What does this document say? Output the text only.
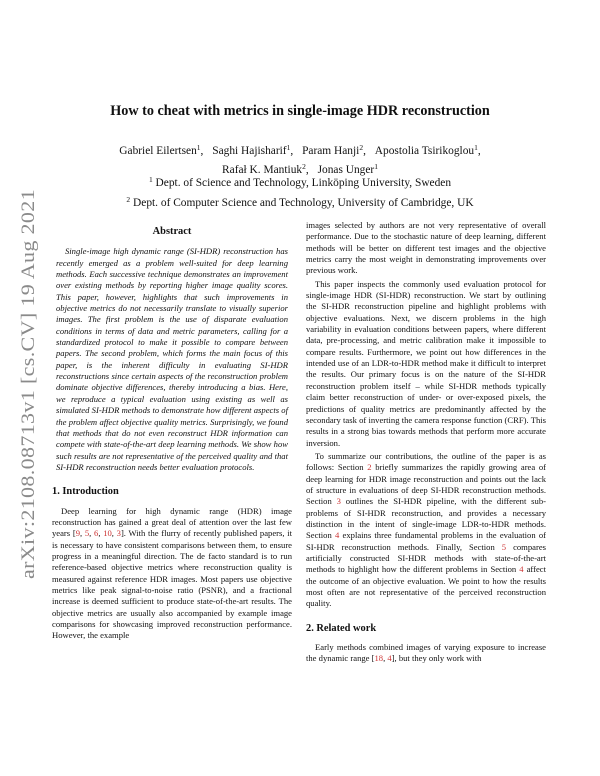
arXiv:2108.08713v1 [cs.CV] 19 Aug 2021
How to cheat with metrics in single-image HDR reconstruction
Gabriel Eilertsen$^1$, Saghi Hajisharif$^1$, Param Hanji$^2$, Apostolia Tsirikoglou$^1$,
Rafał K. Mantiuk$^2$, Jonas Unger$^1$
$^1$ Dept. of Science and Technology, Linköping University, Sweden
$^2$ Dept. of Computer Science and Technology, University of Cambridge, UK
Abstract

Single-image high dynamic range (SI-HDR) reconstruction has recently emerged as a problem well-suited for deep learning methods. Each successive technique demonstrates an improvement over existing methods by reporting higher image quality scores. This paper, however, highlights that such improvements in objective metrics do not necessarily translate to visually superior images. The first problem is the use of disparate evaluation conditions in terms of data and metric parameters, calling for a standardized protocol to make it possible to compare between papers. The second problem, which forms the main focus of this paper, is the inherent difficulty in evaluating SI-HDR reconstructions since certain aspects of the reconstruction problem dominate objective differences, thereby introducing a bias. Here, we reproduce a typical evaluation using existing as well as simulated SI-HDR methods to demonstrate how different aspects of the problem affect objective quality metrics. Surprisingly, we found that methods that do not even reconstruct HDR information can compete with state-of-the-art deep learning methods. We show how such results are not representative of the perceived quality and that SI-HDR reconstruction needs better evaluation protocols.

1. Introduction

Deep learning for high dynamic range (HDR) image reconstruction has gained a great deal of attention over the last few years [9, 5, 6, 10, 3]. With the flurry of recently published papers, it is necessary to have consistent comparisons between them, to ensure progress in a meaningful direction. The de facto standard is to run reference-based objective metrics where reconstruction quality is measured against reference HDR images. Most papers use objective metrics like peak signal-to-noise ratio (PSNR), and a fractional increase is deemed sufficient to produce state-of-the-art results. The objective metrics are usually also accompanied by example image comparisons for showcasing improved reconstruction performance. However, the example

images selected by authors are not very representative of overall performance. Due to the stochastic nature of deep learning, different methods will be better on different test images and the objective metrics carry the most weight in demonstrating improvements over previous work.

This paper inspects the commonly used evaluation protocol for single-image HDR (SI-HDR) reconstruction. We start by outlining the SI-HDR reconstruction pipeline and highlight problems with objective evaluations. Next, we discern problems in the high variability in evaluation conditions between papers, where different data, pre-processing, and metric calibration make it impossible to compare results. Furthermore, we point out how differences in the intended use of an LDR-to-HDR method make it difficult to interpret the results. Our primary focus is on the nature of the SI-HDR reconstruction problem itself – while SI-HDR methods typically claim better reconstruction of under- or over-exposed pixels, the predictions of quality metrics are predominantly affected by the secondary task of inverting the camera response function (CRF). This results in a strong bias towards methods that perform more accurate inversion.

To summarize our contributions, the outline of the paper is as follows: Section 2 briefly summarizes the rapidly growing area of deep learning for HDR image reconstruction and points out the lack of structure in evaluations of deep SI-HDR reconstruction methods. Section 3 outlines the SI-HDR pipeline, with the different sub-problems of SI-HDR reconstruction, and provides a necessary distinction in the intent of single-image LDR-to-HDR methods. Section 4 explains three fundamental problems in the evaluation of SI-HDR reconstruction methods. Finally, Section 5 compares artificially constructed SI-HDR methods with state-of-the-art methods to highlight how the different problems in Section 4 affect the outcome of an objective evaluation. We point to how the results most often are not representative of the perceived reconstruction quality.

2. Related work

Early methods combined images of varying exposure to increase the dynamic range [18, 4], but they only work with
